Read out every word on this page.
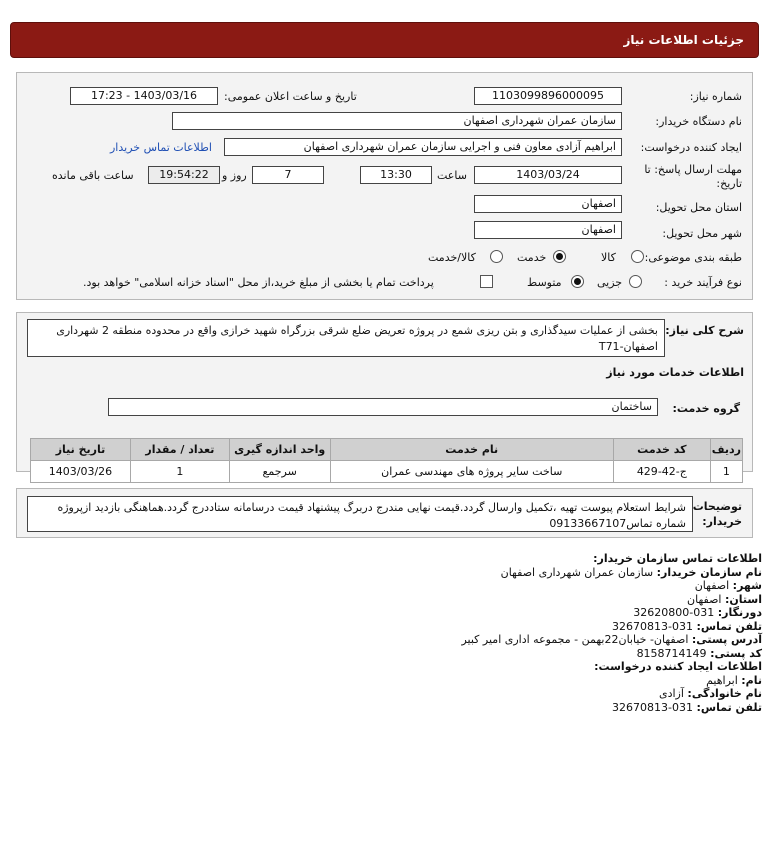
جزئیات اطلاعات نیاز
شماره نیاز:
1103099896000095
تاریخ و ساعت اعلان عمومی:
1403/03/16 - 17:23
نام دستگاه خریدار:
سازمان عمران شهرداری اصفهان
ایجاد کننده درخواست:
ابراهیم آزادی معاون فنی و اجرایی سازمان عمران شهرداری اصفهان
اطلاعات تماس خریدار
مهلت ارسال پاسخ: تا
تاریخ:
1403/03/24
ساعت
13:30
7
روز و
19:54:22
ساعت باقی مانده
استان محل تحویل:
اصفهان
شهر محل تحویل:
اصفهان
طبقه بندی موضوعی:
کالا
خدمت
کالا/خدمت
نوع فرآیند خرید :
جزیی
متوسط
پرداخت تمام یا بخشی از مبلغ خرید،از محل "اسناد خزانه اسلامی" خواهد بود.
شرح کلی نیاز:
بخشی از عملیات سیدگذاری و بتن ریزی شمع در پروژه تعریض ضلع شرقی بزرگراه شهید خرازی واقع در محدوده منطقه 2 شهرداری اصفهان-T71
اطلاعات خدمات مورد نیاز
گروه خدمت:
ساختمان
ردیف	کد خدمت	نام خدمت	واحد اندازه گیری	تعداد / مقدار	تاریخ نیاز
1	ج-42-429	ساخت سایر پروژه های مهندسی عمران	سرجمع	1	1403/03/26
توضیحات
خریدار:
شرایط استعلام پیوست تهیه ،تکمیل وارسال گردد.قیمت نهایی مندرج دربرگ پیشنهاد قیمت درسامانه ستاددرج گردد.هماهنگی بازدید ازپروژه شماره تماس09133667107
اطلاعات تماس سازمان خریدار:
نام سازمان خریدار: سازمان عمران شهرداری اصفهان
شهر: اصفهان
استان: اصفهان
دورنگار: 031-32620800
تلفن تماس: 031-32670813
آدرس پستی: اصفهان- خیابان22بهمن - مجموعه اداری امیر کبیر
کد پستی: 8158714149
اطلاعات ایجاد کننده درخواست:
نام: ابراهیم
نام خانوادگی: آزادی
تلفن تماس: 031-32670813
